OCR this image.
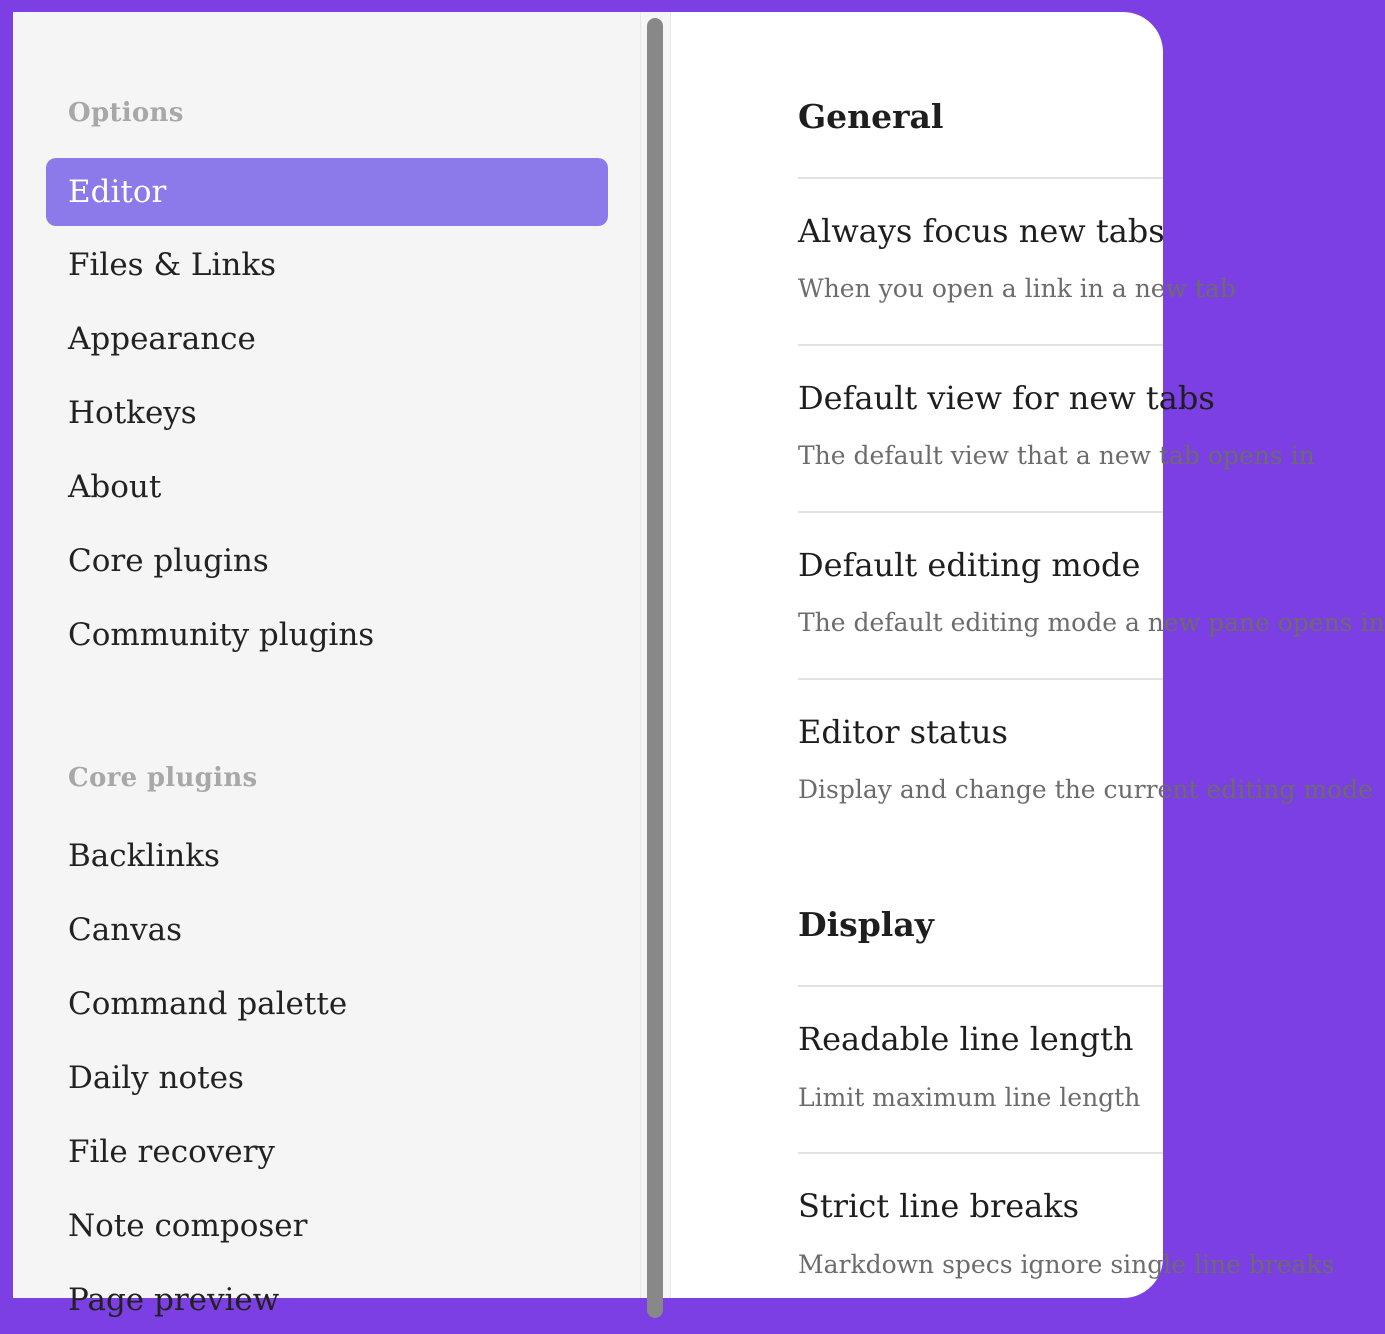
Options
Editor
Files & Links
Appearance
Hotkeys
About
Core plugins
Community plugins
Core plugins
Backlinks
Canvas
Command palette
Daily notes
File recovery
Note composer
Page preview
General
Always focus new tabs
When you open a link in a new tab
Default view for new tabs
The default view that a new tab opens in
Default editing mode
The default editing mode a new pane opens in
Editor status
Display and change the current editing mode
Display
Readable line length
Limit maximum line length
Strict line breaks
Markdown specs ignore single line breaks
